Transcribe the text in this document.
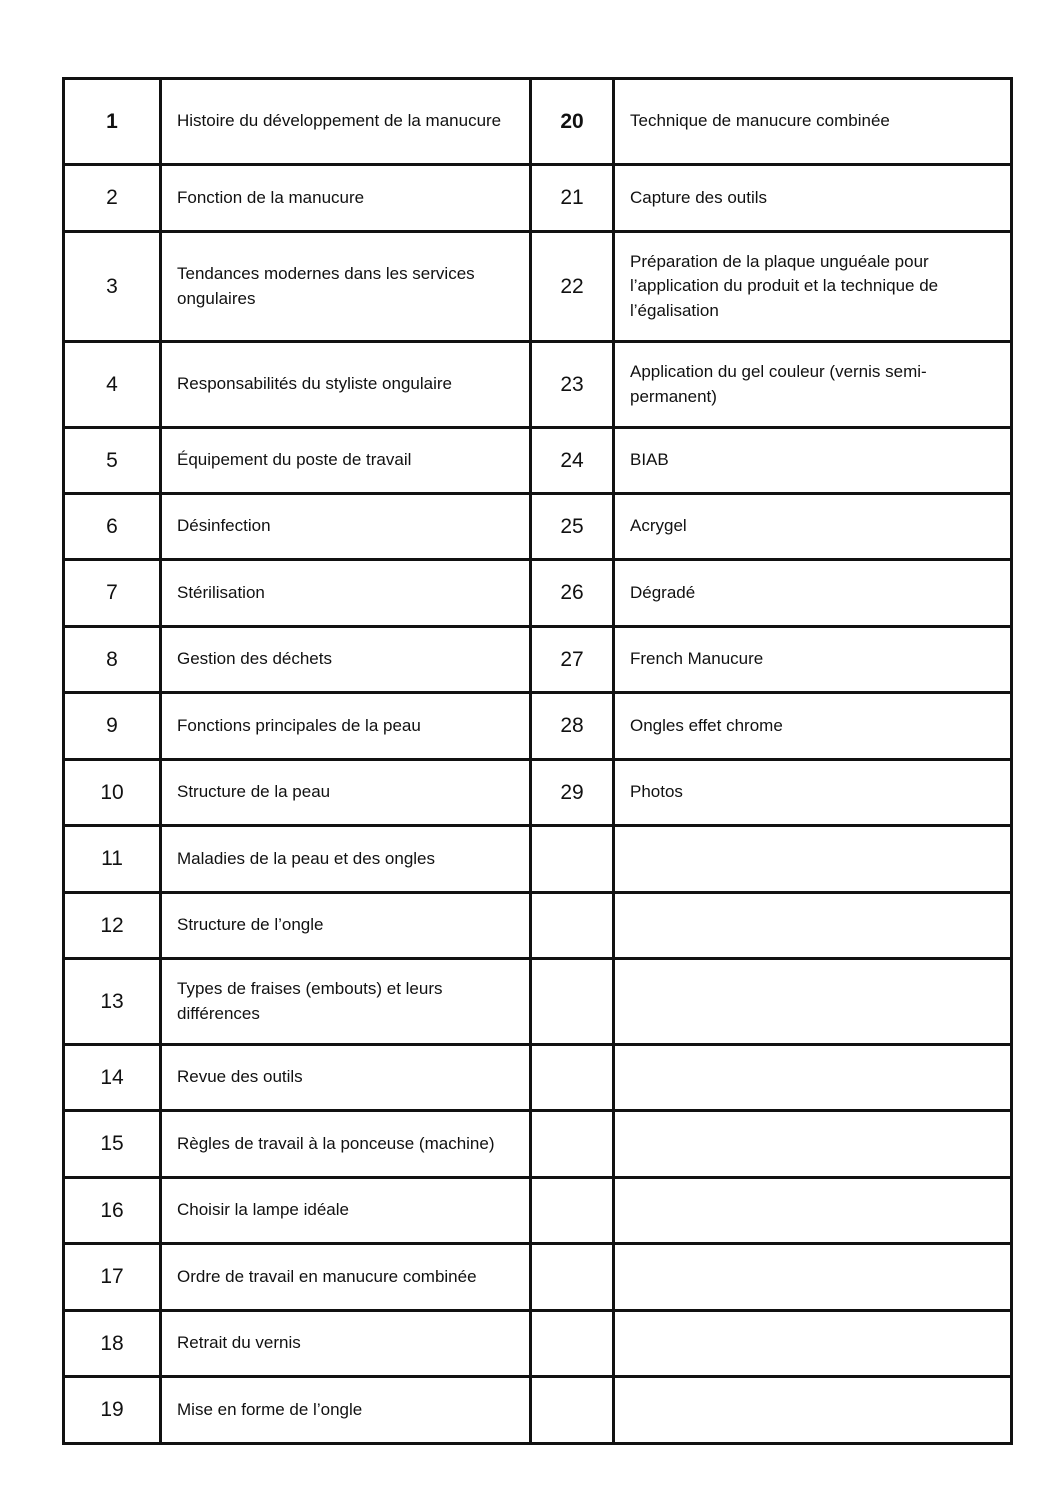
1	Histoire du développement de la manucure	20	Technique de manucure combinée
2	Fonction de la manucure	21	Capture des outils
3	Tendances modernes dans les services ongulaires	22	Préparation de la plaque unguéale pour l’application du produit et la technique de l’égalisation
4	Responsabilités du styliste ongulaire	23	Application du gel couleur (vernis semi-permanent)
5	Équipement du poste de travail	24	BIAB
6	Désinfection	25	Acrygel
7	Stérilisation	26	Dégradé
8	Gestion des déchets	27	French Manucure
9	Fonctions principales de la peau	28	Ongles effet chrome
10	Structure de la peau	29	Photos
11	Maladies de la peau et des ongles		
12	Structure de l’ongle		
13	Types de fraises (embouts) et leurs différences		
14	Revue des outils		
15	Règles de travail à la ponceuse (machine)		
16	Choisir la lampe idéale		
17	Ordre de travail en manucure combinée		
18	Retrait du vernis		
19	Mise en forme de l’ongle		
